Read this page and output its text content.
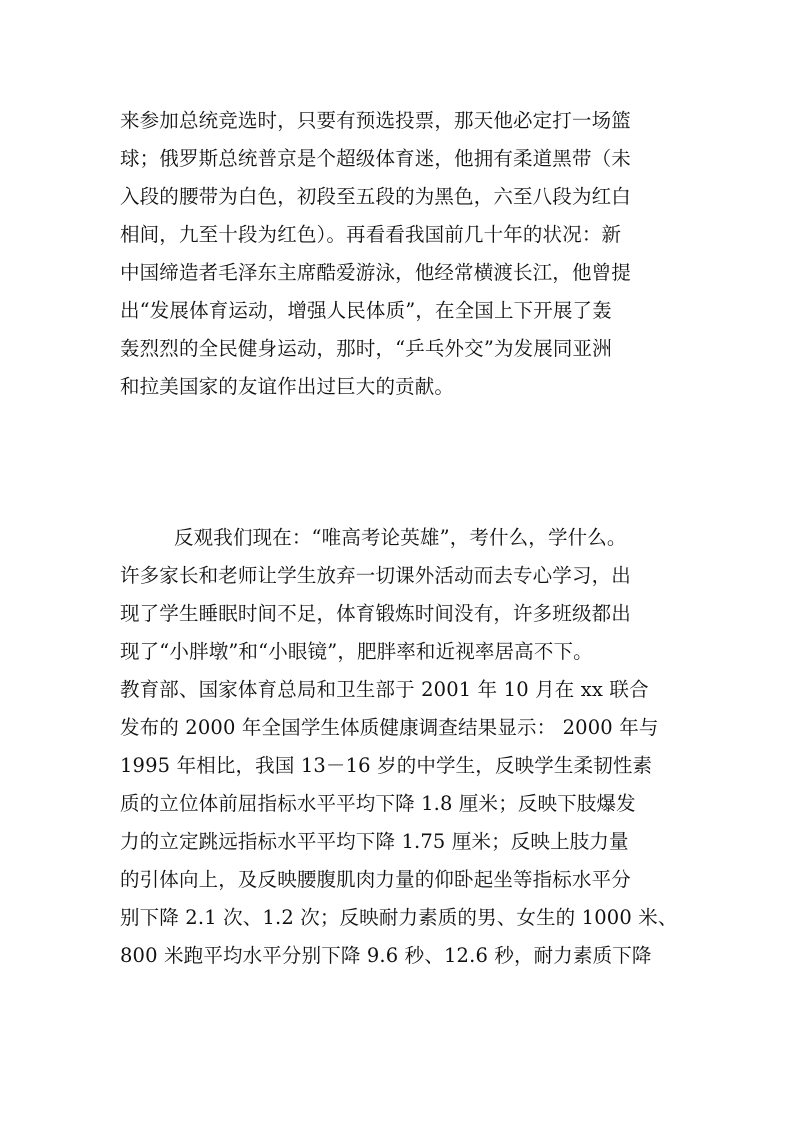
来参加总统竞选时，只要有预选投票，那天他必定打一场篮
球；俄罗斯总统普京是个超级体育迷，他拥有柔道黑带（未
入段的腰带为白色，初段至五段的为黑色，六至八段为红白
相间，九至十段为红色）。再看看我国前几十年的状况：新
中国缔造者毛泽东主席酷爱游泳，他经常横渡长江，他曾提
出“发展体育运动，增强人民体质”，在全国上下开展了轰
轰烈烈的全民健身运动，那时，“乒乓外交”为发展同亚洲
和拉美国家的友谊作出过巨大的贡献。
反观我们现在：“唯高考论英雄”，考什么，学什么。
许多家长和老师让学生放弃一切课外活动而去专心学习，出
现了学生睡眠时间不足，体育锻炼时间没有，许多班级都出
现了“小胖墩”和“小眼镜”，肥胖率和近视率居高不下。
教育部、国家体育总局和卫生部于 2001 年 10 月在 xx 联合
发布的 2000 年全国学生体质健康调查结果显示： 2000 年与
1995 年相比，我国 13－16 岁的中学生，反映学生柔韧性素
质的立位体前屈指标水平平均下降 1.8 厘米；反映下肢爆发
力的立定跳远指标水平平均下降 1.75 厘米；反映上肢力量
的引体向上，及反映腰腹肌肉力量的仰卧起坐等指标水平分
别下降 2.1 次、1.2 次；反映耐力素质的男、女生的 1000 米、
800 米跑平均水平分别下降 9.6 秒、12.6 秒，耐力素质下降
